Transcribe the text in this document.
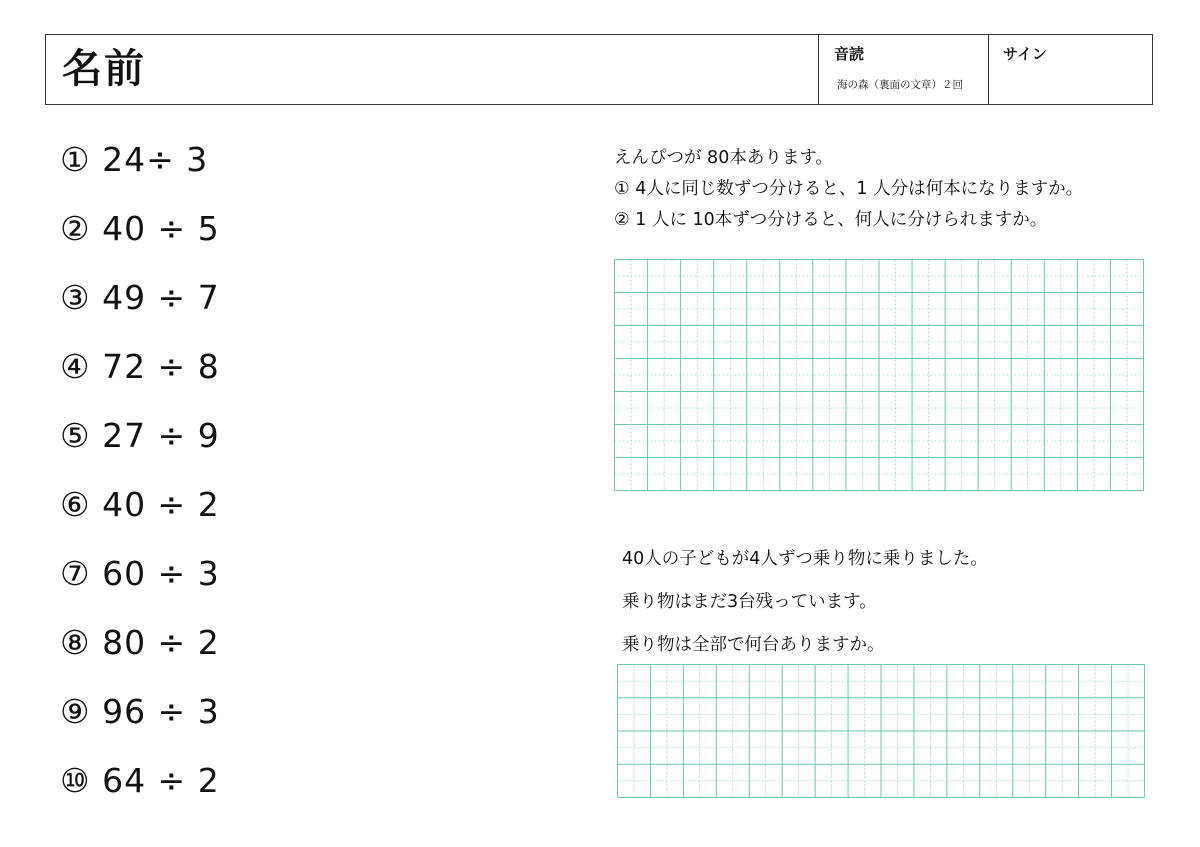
名前	音読
海の森（裏面の文章）２回
サイン
① 24÷ 3
② 40 ÷ 5
③ 49 ÷ 7
④ 72 ÷ 8
⑤ 27 ÷ 9
⑥ 40 ÷ 2
⑦ 60 ÷ 3
⑧ 80 ÷ 2
⑨ 96 ÷ 3
⑩ 64 ÷ 2
えんぴつが 80本あります。
① 4人に同じ数ずつ分けると、1 人分は何本になりますか。
② 1 人に 10本ずつ分けると、何人に分けられますか。
40人の子どもが4人ずつ乗り物に乗りました。
乗り物はまだ3台残っています。
乗り物は全部で何台ありますか。
